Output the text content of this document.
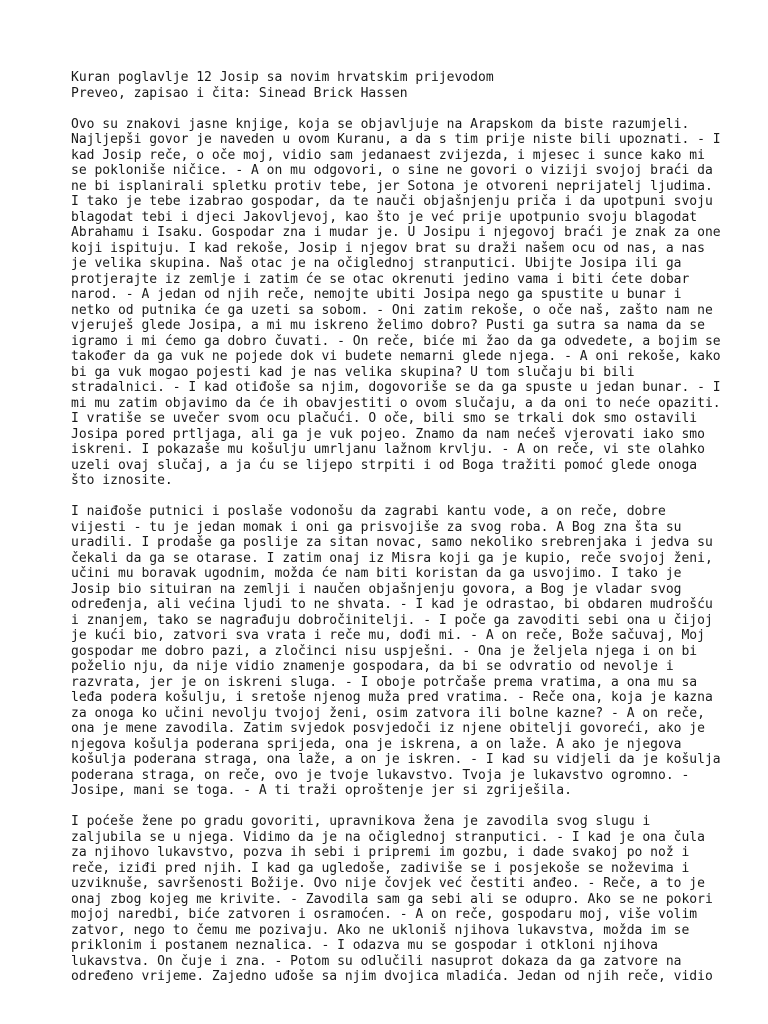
Kuran poglavlje 12 Josip sa novim hrvatskim prijevodom
Preveo, zapisao i čita: Sinead Brick Hassen
Ovo su znakovi jasne knjige, koja se objavljuje na Arapskom da biste razumjeli.
Najljepši govor je naveden u ovom Kuranu, a da s tim prije niste bili upoznati. - I
kad Josip reče, o oče moj, vidio sam jedanaest zvijezda, i mjesec i sunce kako mi
se pokloniše ničice. - A on mu odgovori, o sine ne govori o viziji svojoj braći da
ne bi isplanirali spletku protiv tebe, jer Sotona je otvoreni neprijatelj ljudima.
I tako je tebe izabrao gospodar, da te nauči objašnjenju priča i da upotpuni svoju
blagodat tebi i djeci Jakovljevoj, kao što je već prije upotpunio svoju blagodat
Abrahamu i Isaku. Gospodar zna i mudar je. U Josipu i njegovoj braći je znak za one
koji ispituju. I kad rekoše, Josip i njegov brat su draži našem ocu od nas, a nas
je velika skupina. Naš otac je na očiglednoj stranputici. Ubijte Josipa ili ga
protjerajte iz zemlje i zatim će se otac okrenuti jedino vama i biti ćete dobar
narod. - A jedan od njih reče, nemojte ubiti Josipa nego ga spustite u bunar i
netko od putnika će ga uzeti sa sobom. - Oni zatim rekoše, o oče naš, zašto nam ne
vjeruješ glede Josipa, a mi mu iskreno želimo dobro? Pusti ga sutra sa nama da se
igramo i mi ćemo ga dobro čuvati. - On reče, biće mi žao da ga odvedete, a bojim se
također da ga vuk ne pojede dok vi budete nemarni glede njega. - A oni rekoše, kako
bi ga vuk mogao pojesti kad je nas velika skupina? U tom slučaju bi bili
stradalnici. - I kad otiđoše sa njim, dogovoriše se da ga spuste u jedan bunar. - I
mi mu zatim objavimo da će ih obavjestiti o ovom slučaju, a da oni to neće opaziti.
I vratiše se uvečer svom ocu plačući. O oče, bili smo se trkali dok smo ostavili
Josipa pored prtljaga, ali ga je vuk pojeo. Znamo da nam nećeš vjerovati iako smo
iskreni. I pokazaše mu košulju umrljanu lažnom krvlju. - A on reče, vi ste olahko
uzeli ovaj slučaj, a ja ću se lijepo strpiti i od Boga tražiti pomoć glede onoga
što iznosite.
I naiđoše putnici i poslaše vodonošu da zagrabi kantu vode, a on reče, dobre
vijesti - tu je jedan momak i oni ga prisvojiše za svog roba. A Bog zna šta su
uradili. I prodaše ga poslije za sitan novac, samo nekoliko srebrenjaka i jedva su
čekali da ga se otarase. I zatim onaj iz Misra koji ga je kupio, reče svojoj ženi,
učini mu boravak ugodnim, možda će nam biti koristan da ga usvojimo. I tako je
Josip bio situiran na zemlji i naučen objašnjenju govora, a Bog je vladar svog
određenja, ali većina ljudi to ne shvata. - I kad je odrastao, bi obdaren mudrošću
i znanjem, tako se nagrađuju dobročinitelji. - I poče ga zavoditi sebi ona u čijoj
je kući bio, zatvori sva vrata i reče mu, dođi mi. - A on reče, Bože sačuvaj, Moj
gospodar me dobro pazi, a zločinci nisu uspješni. - Ona je željela njega i on bi
poželio nju, da nije vidio znamenje gospodara, da bi se odvratio od nevolje i
razvrata, jer je on iskreni sluga. - I oboje potrčaše prema vratima, a ona mu sa
leđa podera košulju, i sretoše njenog muža pred vratima. - Reče ona, koja je kazna
za onoga ko učini nevolju tvojoj ženi, osim zatvora ili bolne kazne? - A on reče,
ona je mene zavodila. Zatim svjedok posvjedoči iz njene obitelji govoreći, ako je
njegova košulja poderana sprijeda, ona je iskrena, a on laže. A ako je njegova
košulja poderana straga, ona laže, a on je iskren. - I kad su vidjeli da je košulja
poderana straga, on reče, ovo je tvoje lukavstvo. Tvoja je lukavstvo ogromno. -
Josipe, mani se toga. - A ti traži oproštenje jer si zgriješila.
I poćeše žene po gradu govoriti, upravnikova žena je zavodila svog slugu i
zaljubila se u njega. Vidimo da je na očiglednoj stranputici. - I kad je ona čula
za njihovo lukavstvo, pozva ih sebi i pripremi im gozbu, i dade svakoj po nož i
reče, iziđi pred njih. I kad ga ugledoše, zadiviše se i posjekoše se noževima i
uzviknuše, savršenosti Božije. Ovo nije čovjek već čestiti anđeo. - Reče, a to je
onaj zbog kojeg me krivite. - Zavodila sam ga sebi ali se odupro. Ako se ne pokori
mojoj naredbi, biće zatvoren i osramoćen. - A on reče, gospodaru moj, više volim
zatvor, nego to čemu me pozivaju. Ako ne ukloniš njihova lukavstva, možda im se
priklonim i postanem neznalica. - I odazva mu se gospodar i otkloni njihova
lukavstva. On čuje i zna. - Potom su odlučili nasuprot dokaza da ga zatvore na
određeno vrijeme. Zajedno uđoše sa njim dvojica mladića. Jedan od njih reče, vidio
